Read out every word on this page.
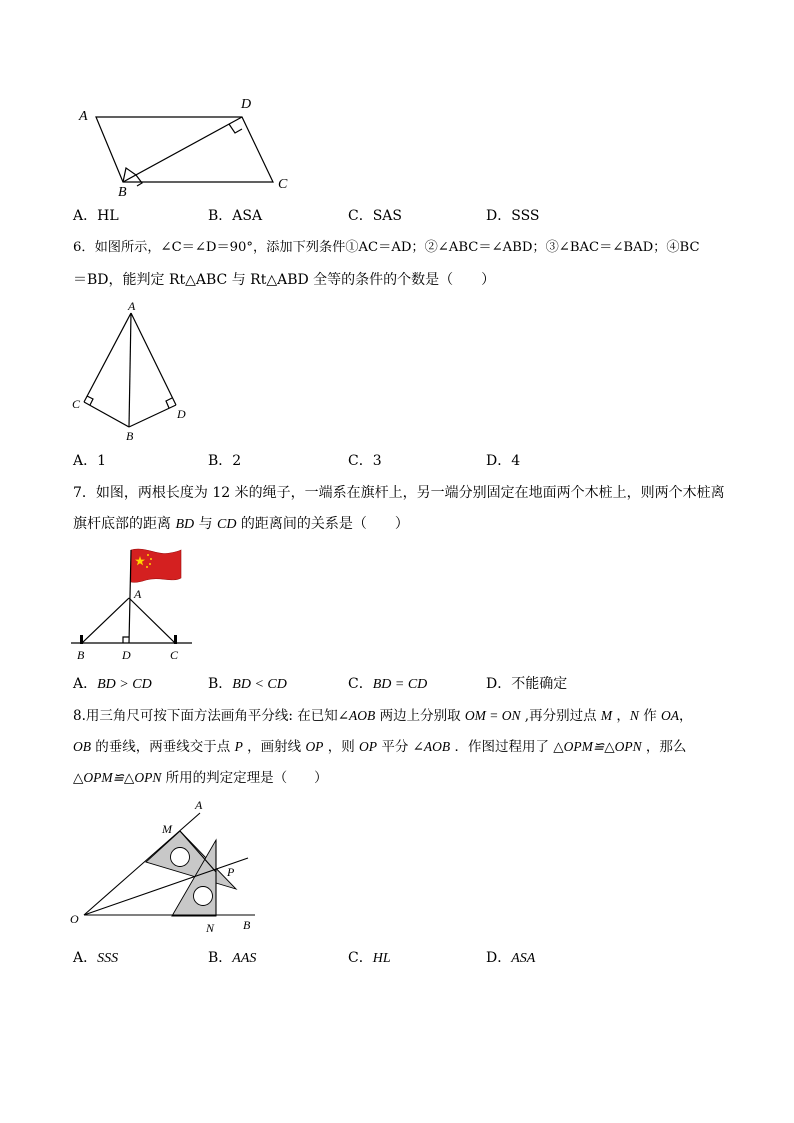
A
D
B
C
A．HL	B．ASA	C．SAS	D．SSS
6．如图所示，∠C＝∠D＝90°，添加下列条件①AC＝AD；②∠ABC＝∠ABD；③∠BAC＝∠BAD；④BC
＝BD，能判定 Rt△ABC 与 Rt△ABD 全等的条件的个数是（　　）
A
C
D
B
A．1	B．2	C．3	D．4
7．如图，两根长度为 12 米的绳子，一端系在旗杆上，另一端分别固定在地面两个木桩上，则两个木桩离
旗杆底部的距离 BD 与 CD 的距离间的关系是（　　）
A
B	D	C
A．BD > CD	B．BD < CD	C．BD = CD	D．不能确定
8.用三角尺可按下面方法画角平分线: 在已知∠AOB 两边上分别取 OM = ON ,再分别过点 M ，N 作 OA，
OB 的垂线，两垂线交于点 P ，画射线 OP ，则 OP 平分 ∠AOB ．作图过程用了 △OPM≌△OPN ，那么
△OPM≌△OPN 所用的判定定理是（　　）
A
M
P
O
N B
A．SSS	B．AAS	C．HL	D．ASA
